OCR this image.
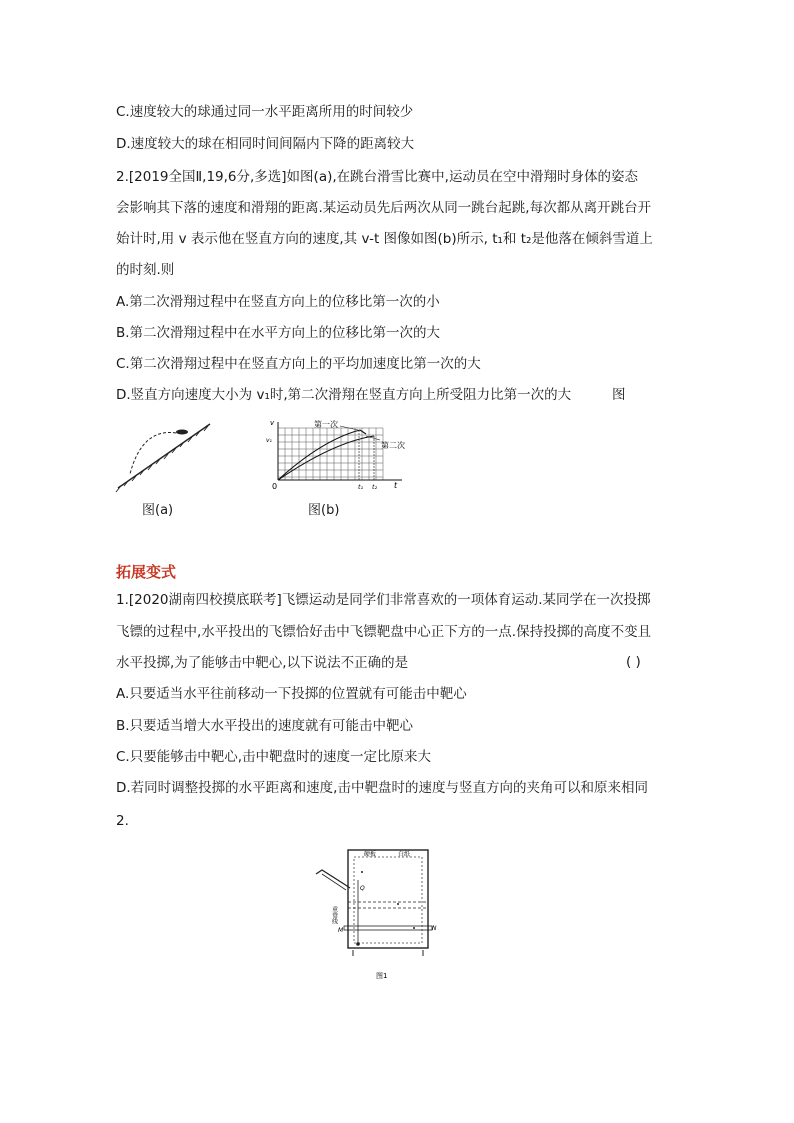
C.速度较大的球通过同一水平距离所用的时间较少
D.速度较大的球在相同时间间隔内下降的距离较大
2.[2019全国Ⅱ,19,6分,多选]如图(a),在跳台滑雪比赛中,运动员在空中滑翔时身体的姿态
会影响其下落的速度和滑翔的距离.某运动员先后两次从同一跳台起跳,每次都从离开跳台开
始计时,用 v 表示他在竖直方向的速度,其 v-t 图像如图(b)所示, t₁和 t₂是他落在倾斜雪道上
的时刻.则
A.第二次滑翔过程中在竖直方向上的位移比第一次的小
B.第二次滑翔过程中在水平方向上的位移比第一次的大
C.第二次滑翔过程中在竖直方向上的平均加速度比第一次的大
D.竖直方向速度大小为 v₁时,第二次滑翔在竖直方向上所受阻力比第一次的大	图
图(a)
v
v₁
0	t₁ t₂ t
第一次
第二次
图(b)
拓展变式
1.[2020湖南四校摸底联考]飞镖运动是同学们非常喜欢的一项体育运动.某同学在一次投掷
飞镖的过程中,水平投出的飞镖恰好击中飞镖靶盘中心正下方的一点.保持投掷的高度不变且
水平投掷,为了能够击中靶心,以下说法不正确的是	( )
A.只要适当水平往前移动一下投掷的位置就有可能击中靶心
B.只要适当增大水平投出的速度就有可能击中靶心
C.只要能够击中靶心,击中靶盘时的速度一定比原来大
D.若同时调整投掷的水平距离和速度,击中靶盘时的速度与竖直方向的夹角可以和原来相同
2.
硬板	白纸
Q
重垂线
M	N
图1
